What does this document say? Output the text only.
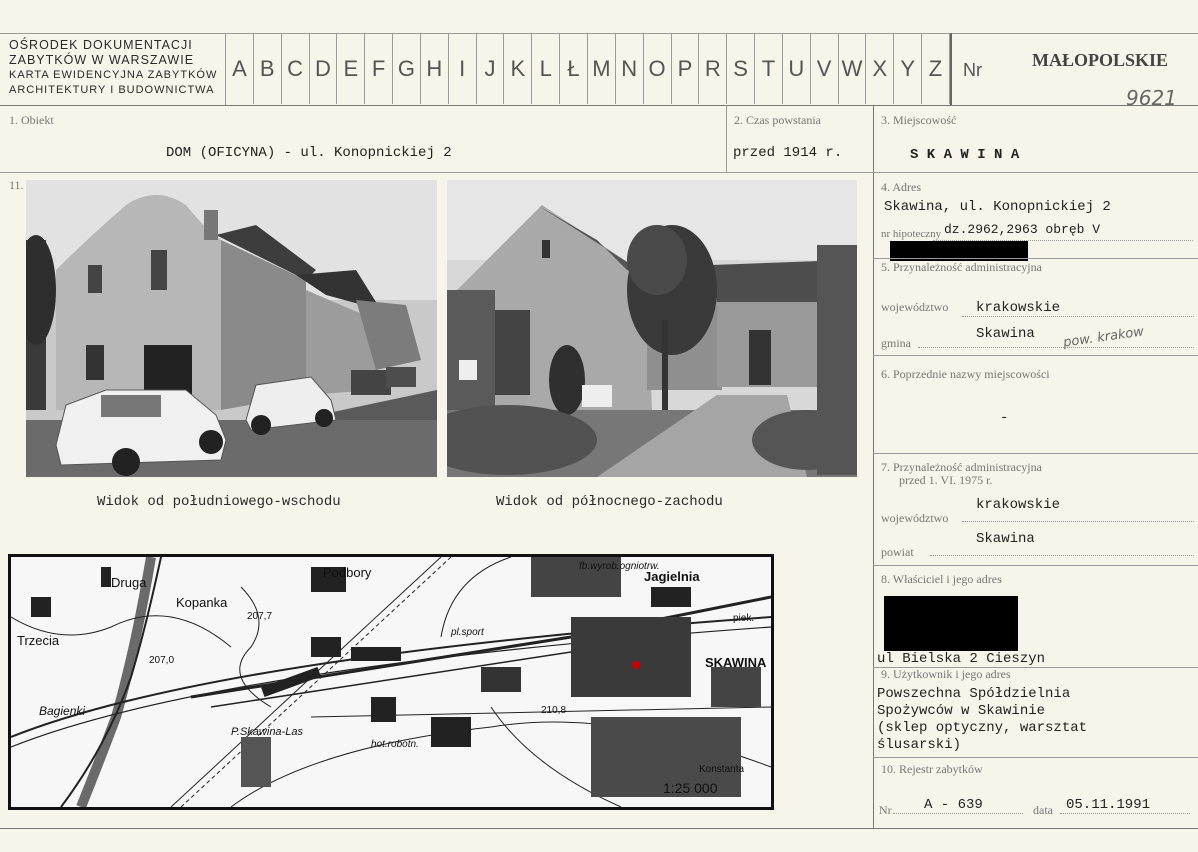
OŚRODEK DOKUMENTACJI
ZABYTKÓW W WARSZAWIE
KARTA EWIDENCYJNA ZABYTKÓW
ARCHITEKTURY I BUDOWNICTWA
A B C D E F G H I J K L Ł M N O P R S T U V W X Y Z	Nr	MAŁOPOLSKIE
9621
1. Obiekt
DOM (OFICYNA) - ul. Konopnickiej 2
2. Czas powstania
przed 1914 r.
3. Miejscowość
S K A W I N A
11.
Widok od południowego-wschodu	Widok od północnego-zachodu
Druga
Kopanka
Trzecia
Podbory	Jagielnia
SKAWINA
Bagienki
P.Skawina-Las
1:25 000
207,7
207,0
210,8
fb.wyrob.ogniotrw.
pl.sport
hot.robotn.
Konstanta
piek.
4. Adres
Skawina, ul. Konopnickiej 2
nr hipoteczny dz.2962,2963 obręb V
5. Przynależność administracyjna
województwo krakowskie
gmina
Skawina pow. krakow
6. Poprzednie nazwy miejscowości
-
7. Przynależność administracyjna
przed 1. VI. 1975 r.
województwo
krakowskie
powiat
Skawina
8. Właściciel i jego adres
ul Bielska 2 Cieszyn
9. Użytkownik i jego adres
Powszechna Spółdzielnia
Spożywców w Skawinie
(sklep optyczny, warsztat
ślusarski)
10. Rejestr zabytków
Nr A - 639	data 05.11.1991
